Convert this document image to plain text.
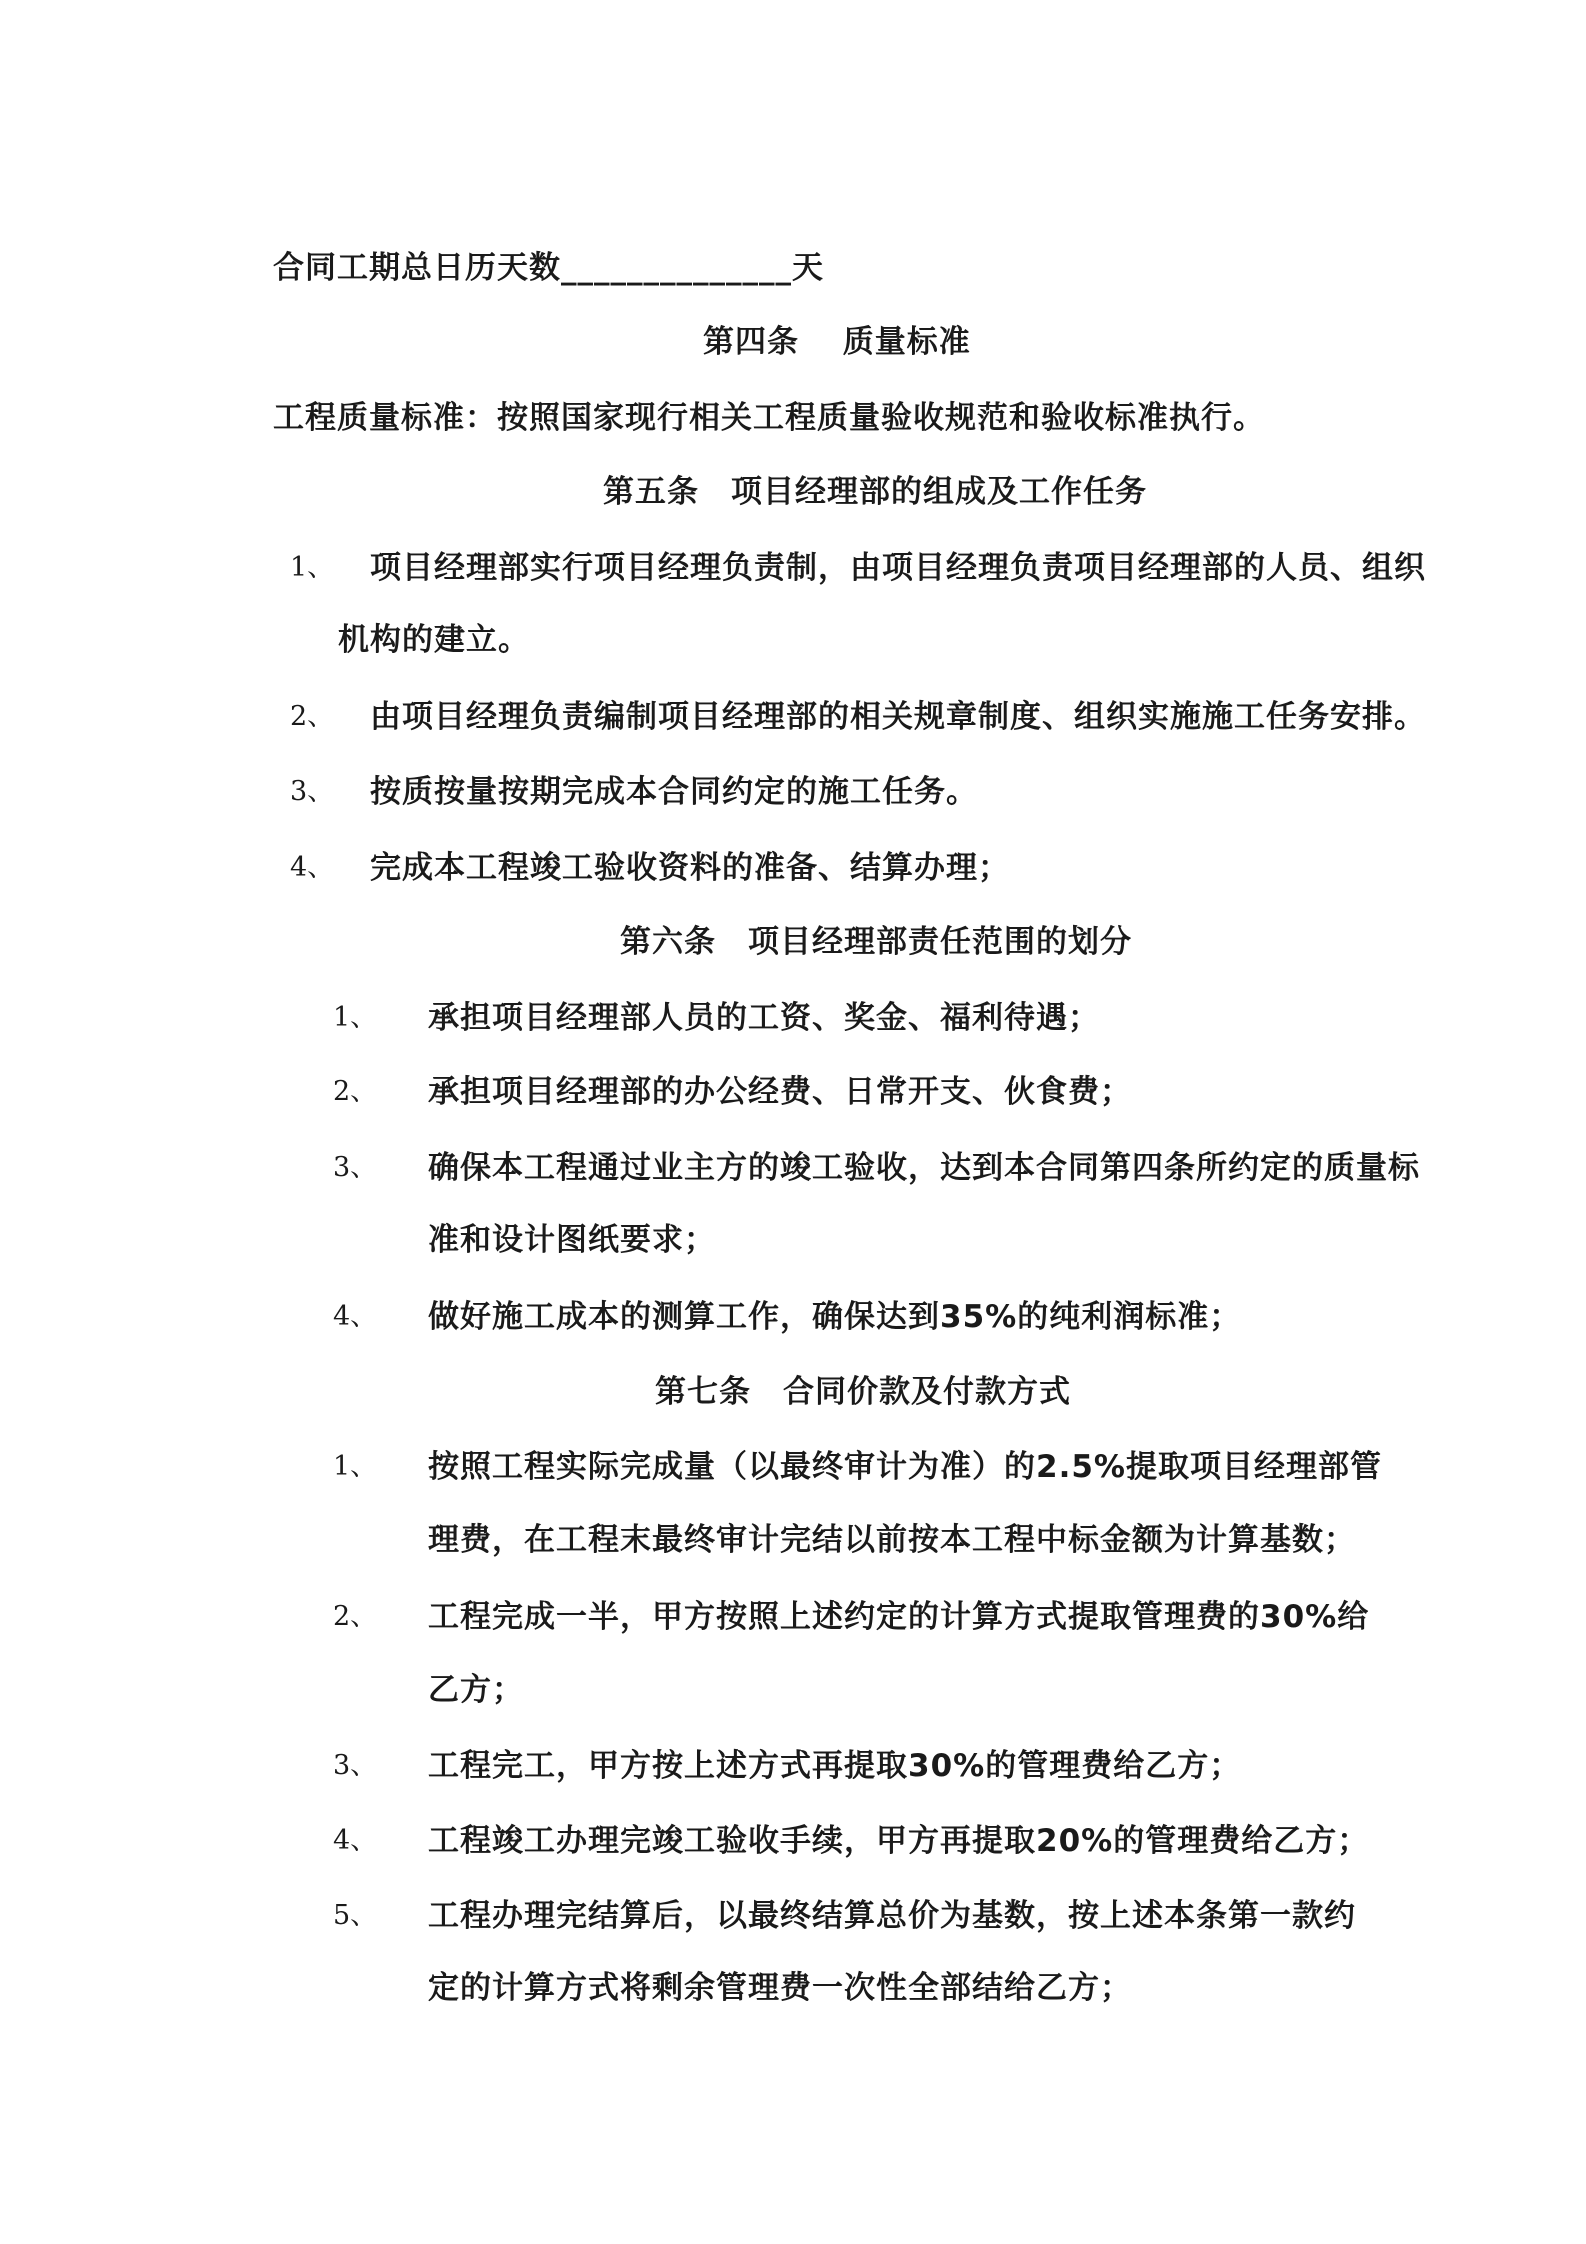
合同工期总日历天数______________天
第四条　 质量标准
工程质量标准：按照国家现行相关工程质量验收规范和验收标准执行。
第五条　项目经理部的组成及工作任务
1、 项目经理部实行项目经理负责制，由项目经理负责项目经理部的人员、组织
机构的建立。
2、 由项目经理负责编制项目经理部的相关规章制度、组织实施施工任务安排。
3、 按质按量按期完成本合同约定的施工任务。
4、 完成本工程竣工验收资料的准备、结算办理；
第六条　项目经理部责任范围的划分
1、 承担项目经理部人员的工资、奖金、福利待遇；
2、 承担项目经理部的办公经费、日常开支、伙食费；
3、 确保本工程通过业主方的竣工验收，达到本合同第四条所约定的质量标
准和设计图纸要求；
4、 做好施工成本的测算工作，确保达到35%的纯利润标准；
第七条　合同价款及付款方式
1、 按照工程实际完成量（以最终审计为准）的2.5%提取项目经理部管
理费，在工程末最终审计完结以前按本工程中标金额为计算基数；
2、 工程完成一半，甲方按照上述约定的计算方式提取管理费的30%给
乙方；
3、 工程完工，甲方按上述方式再提取30%的管理费给乙方；
4、 工程竣工办理完竣工验收手续，甲方再提取20%的管理费给乙方；
5、 工程办理完结算后，以最终结算总价为基数，按上述本条第一款约
定的计算方式将剩余管理费一次性全部结给乙方；
